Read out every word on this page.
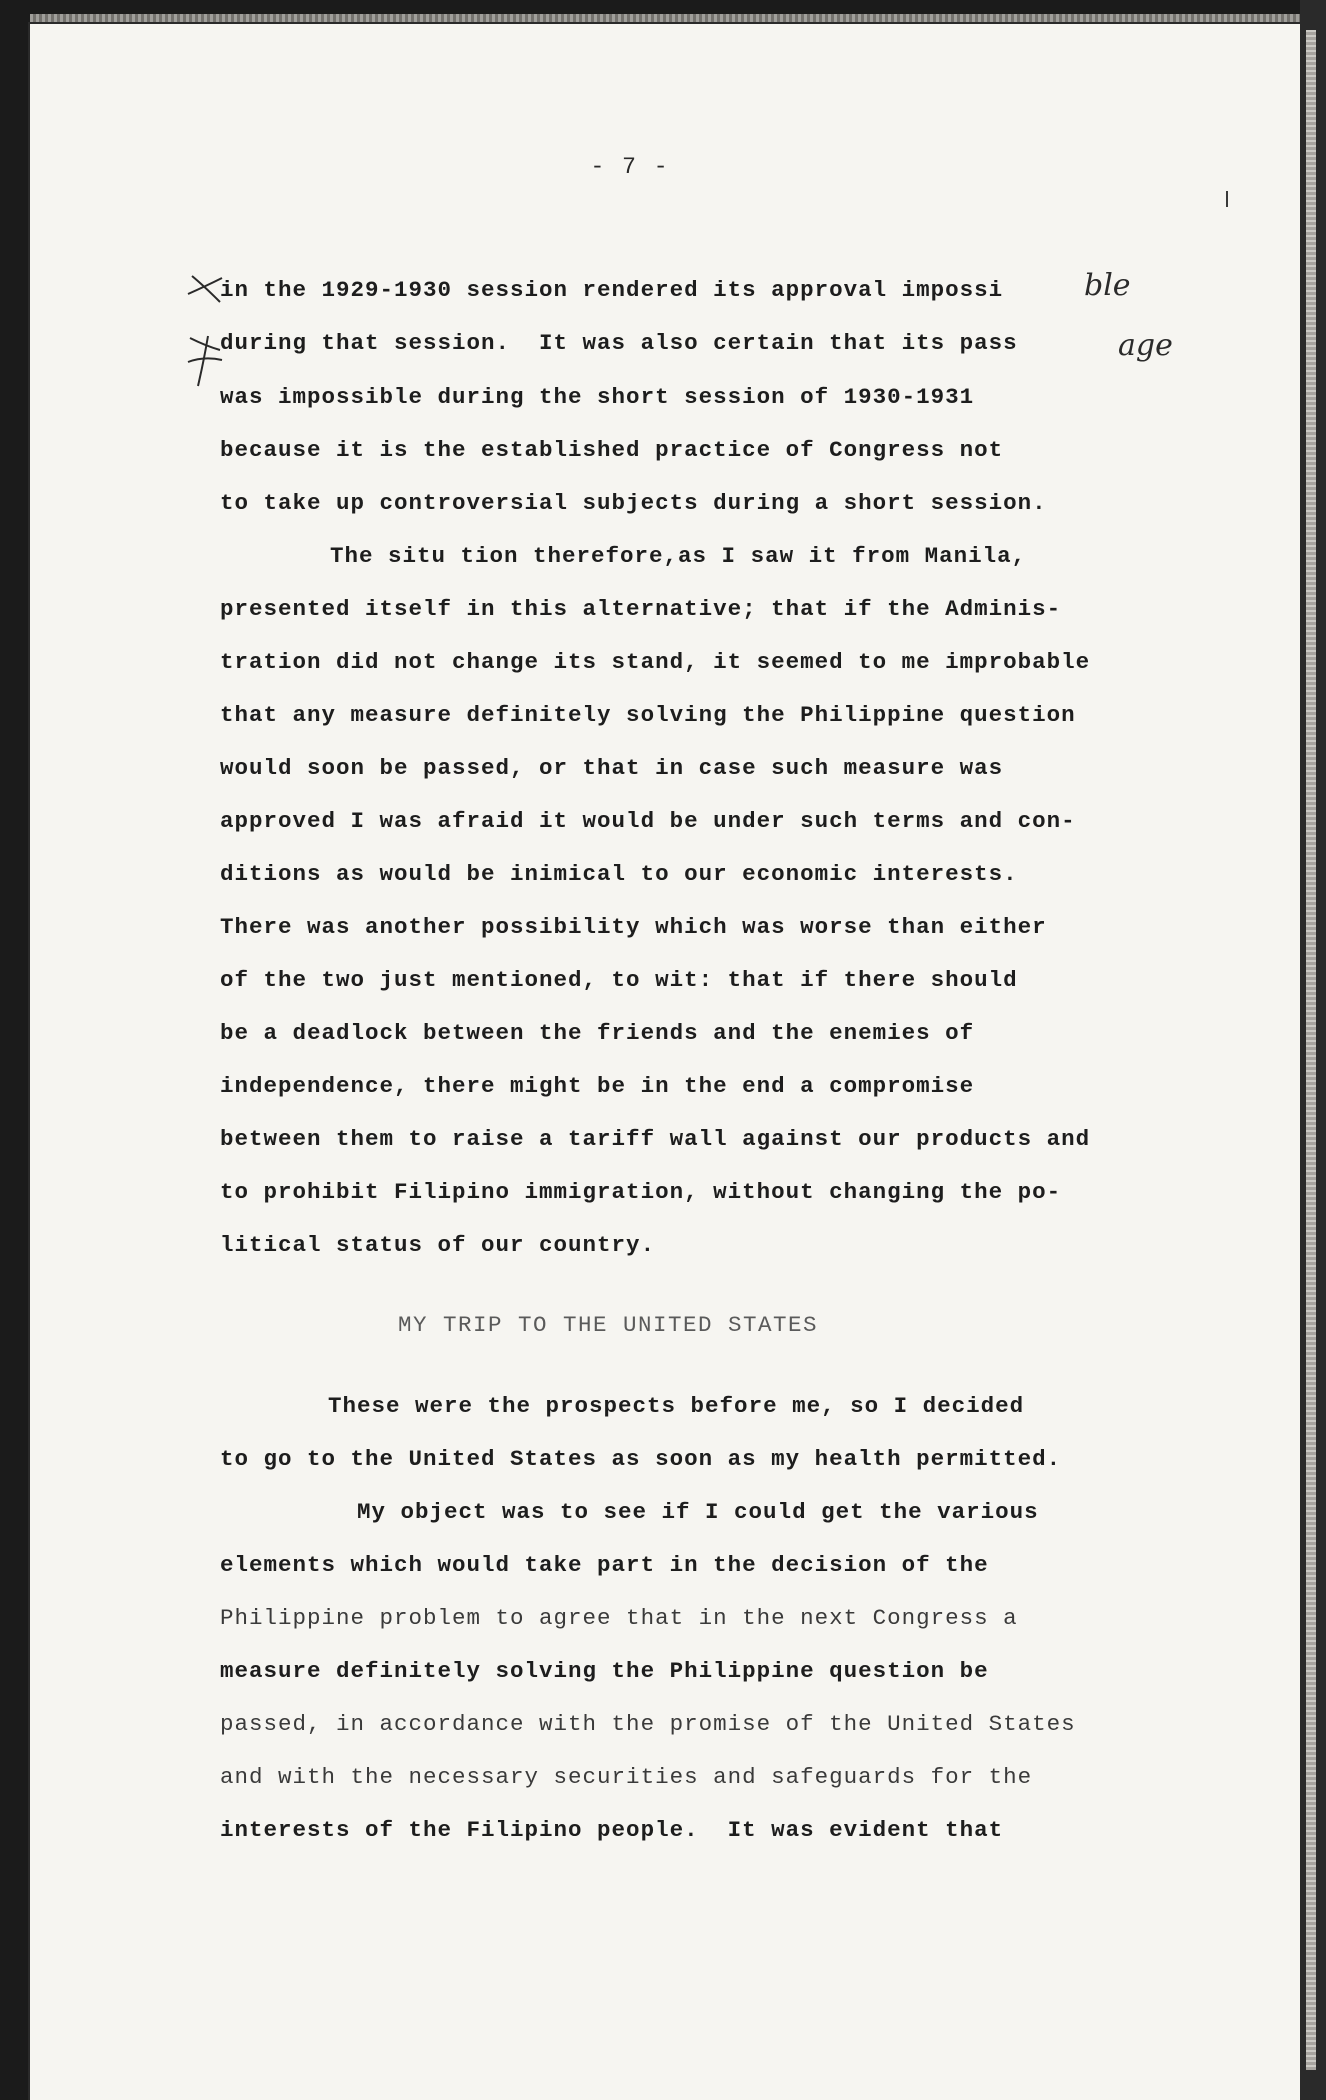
- 7 -
ble
age

in the 1929-1930 session rendered its approval impossi

during that session.  It was also certain that its pass

was impossible during the short session of 1930-1931

because it is the established practice of Congress not

to take up controversial subjects during a short session.

The situ tion therefore,as I saw it from Manila,

presented itself in this alternative; that if the Adminis-

tration did not change its stand, it seemed to me improbable

that any measure definitely solving the Philippine question

would soon be passed, or that in case such measure was

approved I was afraid it would be under such terms and con-

ditions as would be inimical to our economic interests.

There was another possibility which was worse than either

of the two just mentioned, to wit: that if there should

be a deadlock between the friends and the enemies of

independence, there might be in the end a compromise

between them to raise a tariff wall against our products and

to prohibit Filipino immigration, without changing the po-

litical status of our country.

MY TRIP TO THE UNITED STATES

These were the prospects before me, so I decided

to go to the United States as soon as my health permitted.

My object was to see if I could get the various

elements which would take part in the decision of the

Philippine problem to agree that in the next Congress a

measure definitely solving the Philippine question be

passed, in accordance with the promise of the United States

and with the necessary securities and safeguards for the

interests of the Filipino people.  It was evident that
